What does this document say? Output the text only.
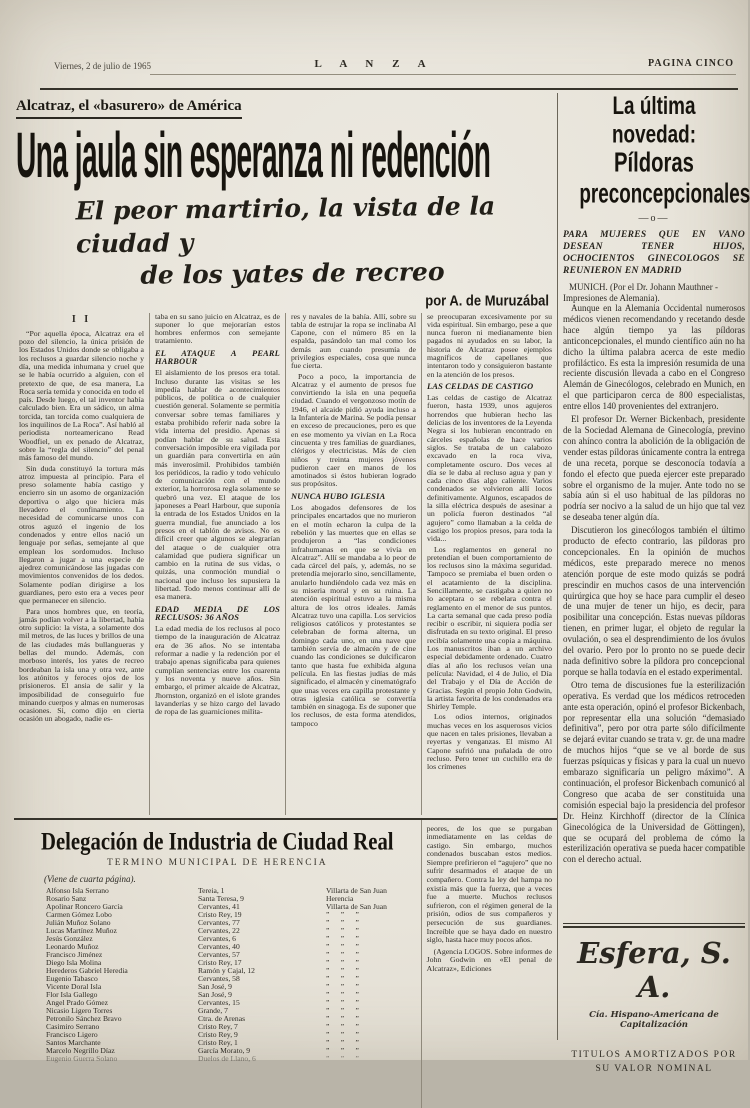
Viernes, 2 de julio de 1965	L A N Z A	PAGINA CINCO
Alcatraz, el «basurero» de América
Una jaula sin esperanza ni redención
El peor martirio, la vista de la ciudad y
de los yates de recreo
por A. de Muruzábal
I I

“Por aquella época, Alcatraz era el pozo del silencio, la única prisión de los Estados Unidos donde se obligaba a los reclusos a guardar silencio noche y día, una medida inhumana y cruel que se le había ocurrido a alguien, con el pretexto de que, de esa manera, La Roca sería temida y conocida en todo el país. Desde luego, el tal inventor había calculado bien. Era un sádico, un alma torcida, tan torcida como cualquiera de los inquilinos de La Roca”. Así habló al periodista norteamericano Read Woodfiel, un ex penado de Alcatraz, sobre la “regla del silencio” del penal más famoso del mundo.

Sin duda constituyó la tortura más atroz impuesta al principio. Para el preso solamente había castigo y encierro sin un asomo de organización deportiva o algo que hiciera más llevadero el confinamiento. La necesidad de comunicarse unos con otros aguzó el ingenio de los condenados y entre ellos nació un lenguaje por señas, semejante al que emplean los sordomudos. Incluso llegaron a jugar a una especie de ajedrez comunicándose las jugadas con movimientos convenidos de los dedos. Solamente podían dirigirse a los guardianes, pero esto era a veces peor que permanecer en silencio.

Para unos hombres que, en teoría, jamás podían volver a la libertad, había otro suplicio: la vista, a solamente dos mil metros, de las luces y brillos de una de las ciudades más bullangueras y bellas del mundo. Además, con morboso interés, los yates de recreo bordeaban la isla una y otra vez, ante los atónitos y feroces ojos de los prisioneros. El ansia de salir y la imposibilidad de conseguirlo fue minando cuerpos y almas en numerosas ocasiones. Si, como dijo en cierta ocasión un abogado, nadie es-

taba en su sano juicio en Alcatraz, es de suponer lo que mejorarían estos hombres enfermos con semejante tratamiento.

EL ATAQUE A PEARL HARBOUR

El aislamiento de los presos era total. Incluso durante las visitas se les impedía hablar de acontecimientos públicos, de política o de cualquier cuestión general. Solamente se permitía conversar sobre temas familiares y estaba prohibido referir nada sobre la vida interna del presidio. Apenas si podían hablar de su salud. Esta conversación imposible era vigilada por un guardián para convertirla en aún más inverosímil. Prohibidos también los periódicos, la radio y todo vehículo de comunicación con el mundo exterior, la horrorosa regla solamente se quebró una vez. El ataque de los japoneses a Pearl Harbour, que suponía la entrada de los Estados Unidos en la guerra mundial, fue anunciado a los presos en el tablón de avisos. No es difícil creer que algunos se alegrarían del ataque o de cualquier otra calamidad que pudiera significar un cambio en la rutina de sus vidas, o quizás, una conmoción mundial o nacional que incluso les supusiera la libertad. Todo menos continuar allí de esa manera.

EDAD MEDIA DE LOS RECLUSOS: 36 AÑOS

La edad media de los reclusos al poco tiempo de la inauguración de Alcatraz era de 36 años. No se intentaba reformar a nadie y la redención por el trabajo apenas significaba para quienes cumplían sentencias entre los cuarenta y los noventa y nueve años. Sin embargo, el primer alcaide de Alcatraz, Jhornston, organizó en el islote grandes lavanderías y se hizo cargo del lavado de ropa de las guarniciones milita-

res y navales de la bahía. Allí, sobre su tabla de estrujar la ropa se inclinaba Al Capone, con el número 85 en la espalda, pasándolo tan mal como los demás aun cuando presumía de privilegios especiales, cosa que nunca fue cierta.

Poco a poco, la importancia de Alcatraz y el aumento de presos fue convirtiendo la isla en una pequeña ciudad. Cuando el vergonzoso motín de 1946, el alcaide pidió ayuda incluso a la Infantería de Marina. Se podía pensar en exceso de precauciones, pero es que en ese momento ya vivían en La Roca cincuenta y tres familias de guardianes, clérigos y electricistas. Más de cien niños y treinta mujeres jóvenes pudieron caer en manos de los amotinados si éstos hubieran logrado sus propósitos.

NUNCA HUBO IGLESIA

Los abogados defensores de los principales encartados que no murieron en el motín echaron la culpa de la rebelión y las muertes que en ellas se produjeron a “las condiciones infrahumanas en que se vivía en Alcatraz”. Allí se mandaba a lo peor de cada cárcel del país, y, además, no se pretendía mejorarlo sino, sencillamente, anularlo hundiéndolo cada vez más en su miseria moral y en su ruina. La atención espiritual estuvo a la misma altura de los otros ideales. Jamás Alcatraz tuvo una capilla. Los servicios religiosos católicos y protestantes se celebraban de forma alterna, un domingo cada uno, en una nave que también servía de almacén y de cine cuando las condiciones se dulcificaron tanto que hasta fue exhibida alguna película. En las fiestas judías de más significado, el almacén y cinematógrafo que unas veces era capilla protestante y otras iglesia católica se convertía también en sinagoga. Es de suponer que los reclusos, de esta forma atendidos, tampoco

se preocuparan excesivamente por su vida espiritual. Sin embargo, pese a que nunca fueron ni medianamente bien pagados ni ayudados en su labor, la historia de Alcatraz posee ejemplos magníficos de capellanes que intentaron todo y consiguieron bastante en la atención de los presos.

LAS CELDAS DE CASTIGO

Las celdas de castigo de Alcatraz fueron, hasta 1939, unos agujeros horrendos que hubieran hecho las delicias de los inventores de la Leyenda Negra si los hubieran encontrado en cárceles españolas de hace varios siglos. Se trataba de un calabozo excavado en la roca viva, completamente oscuro. Dos veces al día se le daba al recluso agua y pan y cada cinco días algo caliente. Varios condenados se volvieron allí locos definitivamente. Algunos, escapados de la silla eléctrica después de asesinar a un policía fueron destinados “al agujero” como llamaban a la celda de castigo los propios presos, para toda la vida...

Los reglamentos en general no pretendían el buen comportamiento de los reclusos sino la máxima seguridad. Tampoco se premiaba el buen orden o el acatamiento de la disciplina. Sencillamente, se castigaba a quien no lo aceptara o se rebelara contra el reglamento en el menor de sus puntos. La carta semanal que cada preso podía recibir o escribir, ni siquiera podía ser disfrutada en su texto original. El preso recibía solamente una copia a máquina. Los manuscritos iban a un archivo especial debidamente ordenado. Cuatro días al año los reclusos veían una película: Navidad, el 4 de Julio, el Día del Trabajo y el Día de Acción de Gracias. Según el propio John Godwin, la artista favorita de los condenados era Shirley Temple.

Los odios internos, originados muchas veces en los asquerosos vicios que nacen en tales prisiones, llevaban a reyertas y venganzas. El mismo Al Capone sufrió una puñalada de otro recluso. Pero tener un cuchillo era de los crímenes

Delegación de Industria de Ciudad Real
TERMINO MUNICIPAL DE HERENCIA
(Viene de cuarta página).
Alfonso Isla Serrano	Tereia, 1	Villarta de San Juan
Rosario Sanz	Santa Teresa, 9	Herencia
Apolinar Roncero García	Cervantes, 41	Villarta de San Juan
Carmen Gómez Lobo	Cristo Rey, 19	”      ”      ”
Julián Muñoz Solano	Cervantes, 77	”      ”      ”
Lucas Martínez Muñoz	Cervantes, 22	”      ”      ”
Jesús González	Cervantes, 6	”      ”      ”
Leonardo Muñoz	Cervantes, 40	”      ”      ”
Francisco Jiménez	Cervantes, 57	”      ”      ”
Diego Isla Molina	Cristo Rey, 17	”      ”      ”
Herederos Gabriel Heredia	Ramón y Cajal, 12	”      ”      ”
Eugenio Tabasco	Cervantes, 58	”      ”      ”
Vicente Doral Isla	San José, 9	”      ”      ”
Flor Isla Gallego	San José, 9	”      ”      ”
Angel Prado Gómez	Cervantes, 15	”      ”      ”
Nicasio Ligero Torres	Grande, 7	”      ”      ”
Petronilo Sánchez Bravo	Ctra. de Arenas	”      ”      ”
Casimiro Serrano	Cristo Rey, 7	”      ”      ”
Francisco Ligero	Cristo Rey, 9	”      ”      ”
Santos Marchante	Cristo Rey, 1	”      ”      ”
Marcelo Negrillo Díaz	García Morato, 9	”      ”      ”
Eugenio Guerra Solano	Duelos de Llano, 6	”      ”      ”

peores, de los que se purgaban inmediatamente en las celdas de castigo. Sin embargo, muchos condenados buscaban estos medios. Siempre prefirieron el “agujero” que no sufrir desarmados el ataque de un compañero. Contra la ley del hampa no existía más que la fuerza, que a veces fue a muerte. Muchos reclusos sufrieron, con el régimen general de la prisión, odios de sus compañeros y persecución de sus guardianes. Increíble que se haya dado en nuestro siglo, hasta hace muy pocos años.

(Agencia LOGOS. Sobre informes de John Godwin en «El penal de Alcatraz», Ediciones

La última novedad:
Píldoras
preconcepcionales
—o—
PARA MUJERES QUE EN VANO DESEAN TENER HIJOS, OCHOCIENTOS GINECOLOGOS SE REUNIERON EN MADRID
MUNICH. (Por el Dr. Johann Mauthner - Impresiones de Alemania).

Aunque en la Alemania Occidental numerosos médicos vienen recomendando y recetando desde hace algún tiempo ya las píldoras anticoncepcionales, el mundo científico aún no ha dicho la última palabra acerca de este medio profiláctico. Es esta la impresión resumida de una reciente discusión llevada a cabo en el Congreso Alemán de Ginecólogos, celebrado en Munich, en el que participaron cerca de 800 especialistas, entre ellos 140 provenientes del extranjero.

El profesor Dr. Werner Bickenbach, presidente de la Sociedad Alemana de Ginecología, previno con ahínco contra la abolición de la obligación de vender estas píldoras únicamente contra la entrega de una receta, porque se desconocía todavía a fondo el efecto que pueda ejercer este preparado sobre el organismo de la mujer. Ante todo no se sabía aún si el uso habitual de las píldoras no podría ser nocivo a la salud de un hijo que tal vez se deseaba tener algún día.

Discutieron los ginecólogos también el último producto de efecto contrario, las píldoras pro concepcionales. En la opinión de muchos médicos, este preparado merece no menos atención porque de este modo quizás se podrá prescindir en muchos casos de una intervención quirúrgica que hoy se hace para cumplir el deseo de una mujer de tener un hijo, es decir, para posibilitar una concepción. Estas nuevas píldoras tienen, en primer lugar, el objeto de regular la ovulación, o sea el desprendimiento de los óvulos del ovario. Pero por lo pronto no se puede decir nada definitivo sobre la píldora pro concepcional porque se halla todavía en el estado experimental.

Otro tema de discusiones fue la esterilización operativa. Es verdad que los médicos retroceden ante esta operación, opinó el profesor Bickenbach, por representar ella una solución “demasiado definitiva”, pero por otra parte sólo difícilmente se dejará evitar cuando se trata v. gr. de una madre de muchos hijos “que se ve al borde de sus fuerzas psíquicas y físicas y para la cual un nuevo embarazo significaría un peligro máximo”. A continuación, el profesor Bickenbach comunicó al Congreso que acaba de ser constituida una comisión especial bajo la presidencia del profesor Dr. Heinz Kirchhoff (director de la Clínica Ginecológica de la Universidad de Göttingen), que se ocupará del problema de cómo la esterilización operativa se pueda hacer compatible con el derecho actual.

Esfera, S. A.
Cía. Hispano-Americana de Capitalización
TITULOS AMORTIZADOS POR
SU VALOR NOMINAL
